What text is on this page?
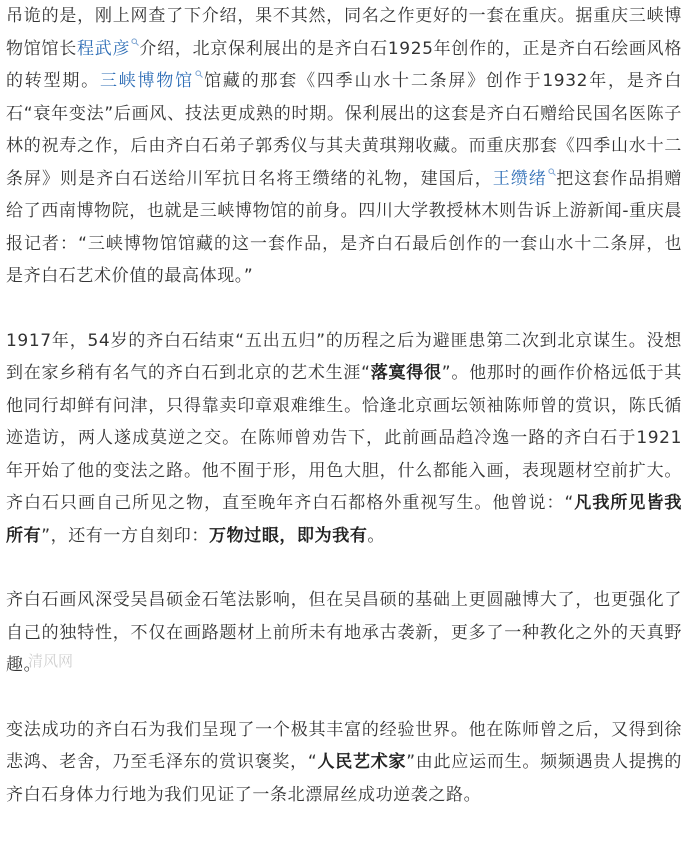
吊诡的是，刚上网查了下介绍，果不其然，同名之作更好的一套在重庆。据重庆三峡博物馆馆长程武彦 介绍，北京保利展出的是齐白石1925年创作的，正是齐白石绘画风格的转型期。三峡博物馆 馆藏的那套《四季山水十二条屏》创作于1932年，是齐白石“衰年变法”后画风、技法更成熟的时期。保利展出的这套是齐白石赠给民国名医陈子林的祝寿之作，后由齐白石弟子郭秀仪与其夫黄琪翔收藏。而重庆那套《四季山水十二条屏》则是齐白石送给川军抗日名将王缵绪的礼物，建国后，王缵绪 把这套作品捐赠给了西南博物院，也就是三峡博物馆的前身。四川大学教授林木则告诉上游新闻-重庆晨报记者：“三峡博物馆馆藏的这一套作品，是齐白石最后创作的一套山水十二条屏，也是齐白石艺术价值的最高体现。”

1917年，54岁的齐白石结束“五出五归”的历程之后为避匪患第二次到北京谋生。没想到在家乡稍有名气的齐白石到北京的艺术生涯“落寞得很”。他那时的画作价格远低于其他同行却鲜有问津，只得靠卖印章艰难维生。恰逢北京画坛领袖陈师曾的赏识，陈氏循迹造访，两人遂成莫逆之交。在陈师曾劝告下，此前画品趋冷逸一路的齐白石于1921年开始了他的变法之路。他不囿于形，用色大胆，什么都能入画，表现题材空前扩大。齐白石只画自己所见之物，直至晚年齐白石都格外重视写生。他曾说：“凡我所见皆我所有”，还有一方自刻印：万物过眼，即为我有。

齐白石画风深受吴昌硕金石笔法影响，但在吴昌硕的基础上更圆融博大了，也更强化了自己的独特性，不仅在画路题材上前所未有地承古袭新，更多了一种教化之外的天真野趣。

变法成功的齐白石为我们呈现了一个极其丰富的经验世界。他在陈师曾之后，又得到徐悲鸿、老舍，乃至毛泽东的赏识褒奖，“人民艺术家”由此应运而生。频频遇贵人提携的齐白石身体力行地为我们见证了一条北漂屌丝成功逆袭之路。

清风网
